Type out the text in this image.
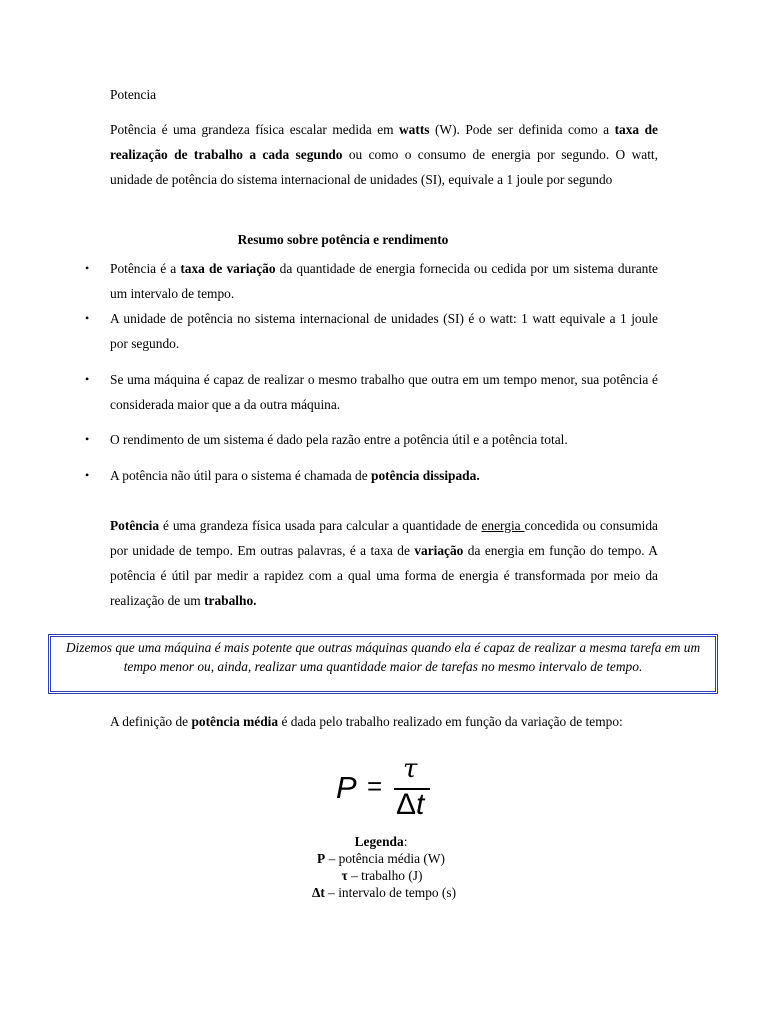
Potencia
Potência é uma grandeza física escalar medida em watts (W). Pode ser definida como a taxa de realização de trabalho a cada segundo ou como o consumo de energia por segundo. O watt, unidade de potência do sistema internacional de unidades (SI), equivale a 1 joule por segundo
Resumo sobre potência e rendimento
• Potência é a taxa de variação da quantidade de energia fornecida ou cedida por um sistema durante um intervalo de tempo.
• A unidade de potência no sistema internacional de unidades (SI) é o watt: 1 watt equivale a 1 joule por segundo.
• Se uma máquina é capaz de realizar o mesmo trabalho que outra em um tempo menor, sua potência é considerada maior que a da outra máquina.
• O rendimento de um sistema é dado pela razão entre a potência útil e a potência total.
• A potência não útil para o sistema é chamada de potência dissipada.
Potência é uma grandeza física usada para calcular a quantidade de energia concedida ou consumida por unidade de tempo. Em outras palavras, é a taxa de variação da energia em função do tempo. A potência é útil par medir a rapidez com a qual uma forma de energia é transformada por meio da realização de um trabalho.
Dizemos que uma máquina é mais potente que outras máquinas quando ela é capaz de realizar a mesma tarefa em um tempo menor ou, ainda, realizar uma quantidade maior de tarefas no mesmo intervalo de tempo.
A definição de potência média é dada pelo trabalho realizado em função da variação de tempo:
P =
τ
Δt
Legenda:
P – potência média (W)
τ – trabalho (J)
Δt – intervalo de tempo (s)
